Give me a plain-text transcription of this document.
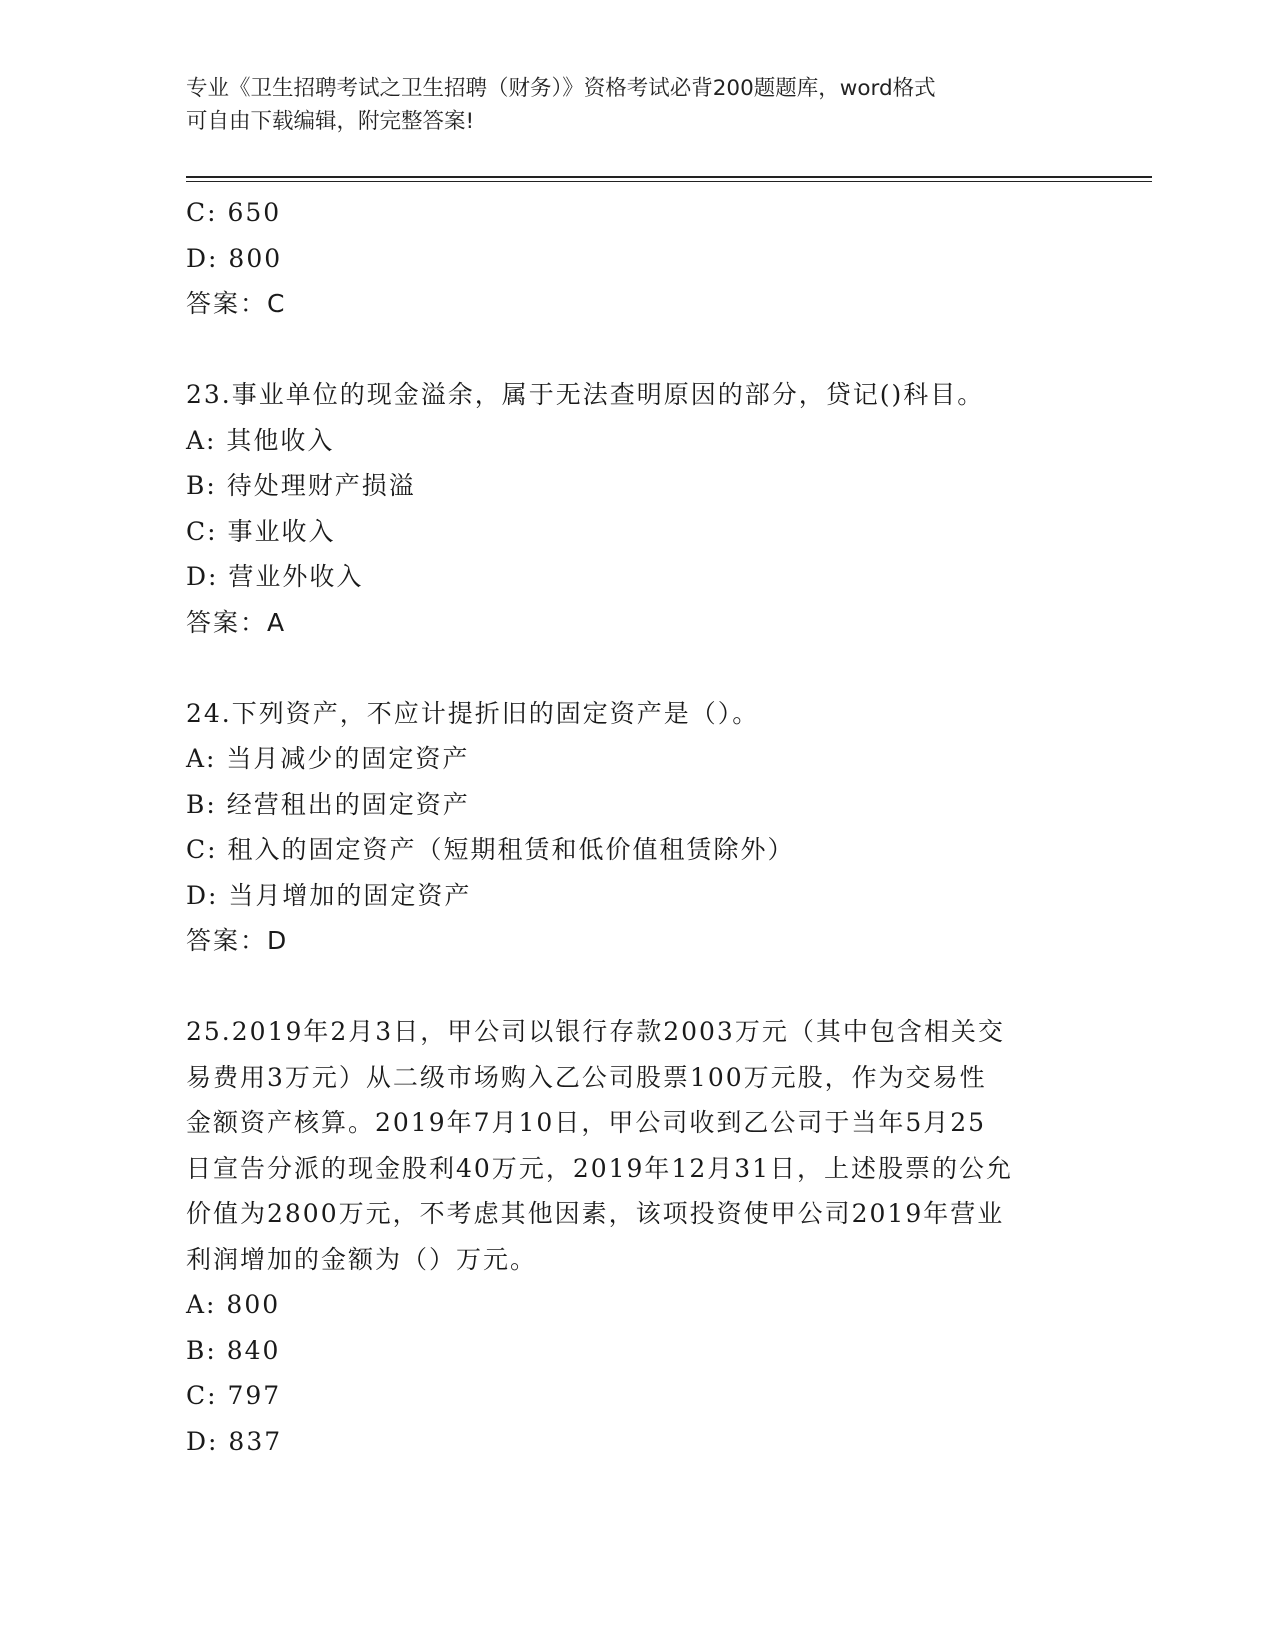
专业《卫生招聘考试之卫生招聘（财务）》资格考试必背200题题库，word格式
可自由下载编辑，附完整答案!
C: 650
D: 800
答案：C
23.事业单位的现金溢余，属于无法查明原因的部分，贷记()科目。
A: 其他收入
B: 待处理财产损溢
C: 事业收入
D: 营业外收入
答案：A
24.下列资产，不应计提折旧的固定资产是（）。
A: 当月减少的固定资产
B: 经营租出的固定资产
C: 租入的固定资产（短期租赁和低价值租赁除外）
D: 当月增加的固定资产
答案：D
25.2019年2月3日，甲公司以银行存款2003万元（其中包含相关交
易费用3万元）从二级市场购入乙公司股票100万元股，作为交易性
金额资产核算。2019年7月10日，甲公司收到乙公司于当年5月25
日宣告分派的现金股利40万元，2019年12月31日，上述股票的公允
价值为2800万元，不考虑其他因素，该项投资使甲公司2019年营业
利润增加的金额为（）万元。
A: 800
B: 840
C: 797
D: 837
